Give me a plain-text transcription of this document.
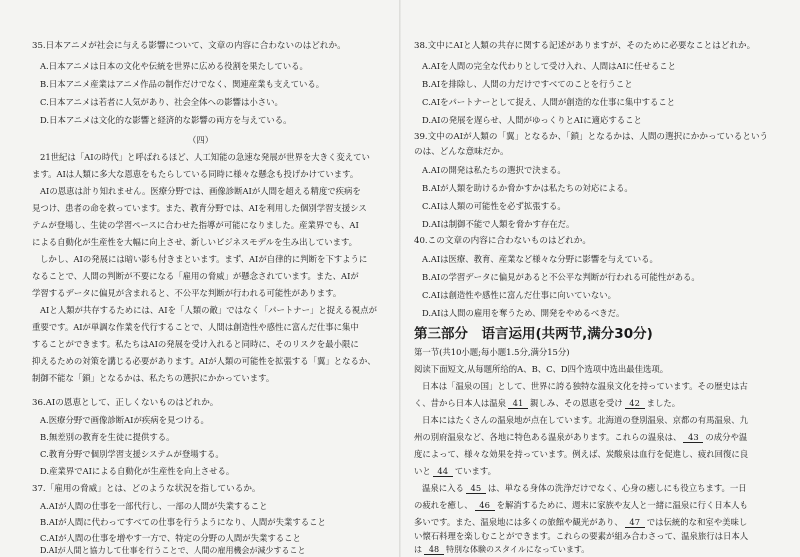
35.日本アニメが社会に与える影響について、文章の内容に合わないのはどれか。
A.日本アニメは日本の文化や伝統を世界に広める役割を果たしている。
B.日本アニメ産業はアニメ作品の制作だけでなく、関連産業も支えている。
C.日本アニメは若者に人気があり、社会全体への影響は小さい。
D.日本アニメは文化的な影響と経済的な影響の両方を与えている。
（四）
21世紀は「AIの時代」と呼ばれるほど、人工知能の急速な発展が世界を大きく変えてい
ます。AIは人類に多大な恩恵をもたらしている同時に様々な懸念も投げかけています。
AIの恩恵は計り知れません。医療分野では、画像診断AIが人間を超える精度で疾病を
見つけ、患者の命を救っています。また、教育分野では、AIを利用した個別学習支援シス
テムが登場し、生徒の学習ペースに合わせた指導が可能になりました。産業界でも、AI
による自動化が生産性を大幅に向上させ、新しいビジネスモデルを生み出しています。
しかし、AIの発展には暗い影も付きまといます。まず、AIが自律的に判断を下すように
なることで、人間の判断が不要になる「雇用の脅威」が懸念されています。また、AIが
学習するデータに偏見が含まれると、不公平な判断が行われる可能性があります。
AIと人類が共存するためには、AIを「人類の敵」ではなく「パートナー」と捉える視点が
重要です。AIが単調な作業を代行することで、人間は創造性や感性に富んだ仕事に集中
することができます。私たちはAIの発展を受け入れると同時に、そのリスクを最小限に
抑えるための対策を講じる必要があります。AIが人類の可能性を拡張する「翼」となるか、
制御不能な「鎖」となるかは、私たちの選択にかかっています。
36.AIの恩恵として、正しくないものはどれか。
A.医療分野で画像診断AIが疾病を見つける。
B.無差別の教育を生徒に提供する。
C.教育分野で個別学習支援システムが登場する。
D.産業界でAIによる自動化が生産性を向上させる。
37.「雇用の脅威」とは、どのような状況を指しているか。
A.AIが人間の仕事を一部代行し、一部の人間が失業すること
B.AIが人間に代わってすべての仕事を行うようになり、人間が失業すること
C.AIが人間の仕事を増やす一方で、特定の分野の人間が失業すること
D.AIが人間と協力して仕事を行うことで、人間の雇用機会が減少すること
38.文中にAIと人類の共存に関する記述がありますが、そのために必要なことはどれか。
A.AIを人間の完全な代わりとして受け入れ、人間はAIに任せること
B.AIを排除し、人間の力だけですべてのことを行うこと
C.AIをパートナーとして捉え、人間が創造的な仕事に集中すること
D.AIの発展を遅らせ、人間がゆっくりとAIに適応すること
39.文中のAIが人類の「翼」となるか、「鎖」となるかは、人間の選択にかかっているという
のは、どんな意味だか。
A.AIの開発は私たちの選択で決まる。
B.AIが人類を助けるか脅かすかは私たちの対応による。
C.AIは人類の可能性を必ず拡張する。
D.AIは制御不能で人類を脅かす存在だ。
40.この文章の内容に合わないものはどれか。
A.AIは医療、教育、産業など様々な分野に影響を与えている。
B.AIの学習データに偏見があると不公平な判断が行われる可能性がある。
C.AIは創造性や感性に富んだ仕事に向いていない。
D.AIは人間の雇用を奪うため、開発をやめるべきだ。
第三部分　语言运用(共两节,满分30分)
第一节(共10小题;每小题1.5分,满分15分)
阅读下面短文,从每题所给的A、B、C、D四个选项中选出最佳选项。
日本は「温泉の国」として、世界に誇る独特な温泉文化を持っています。その歴史は古
く、昔から日本人は温泉 41 親しみ、その恩恵を受け 42 ました。
日本にはたくさんの温泉地が点在しています。北海道の登別温泉、京都の有馬温泉、九
州の別府温泉など、各地に特色ある温泉があります。これらの温泉は、 43 の成分や温
度によって、様々な効果を持っています。例えば、炭酸泉は血行を促進し、疲れ回復に良
いと 44 ています。
温泉に入る 45 は、単なる身体の洗浄だけでなく、心身の癒しにも役立ちます。一日
の疲れを癒し、 46 を解消するために、週末に家族や友人と一緒に温泉に行く日本人も
多いです。また、温泉地には多くの旅館や観光があり、 47 では伝統的な和室や美味し
い懐石料理を楽しむことができます。これらの要素が組み合わさって、温泉旅行は日本人
は 48 特別な体験のスタイルになっています。
